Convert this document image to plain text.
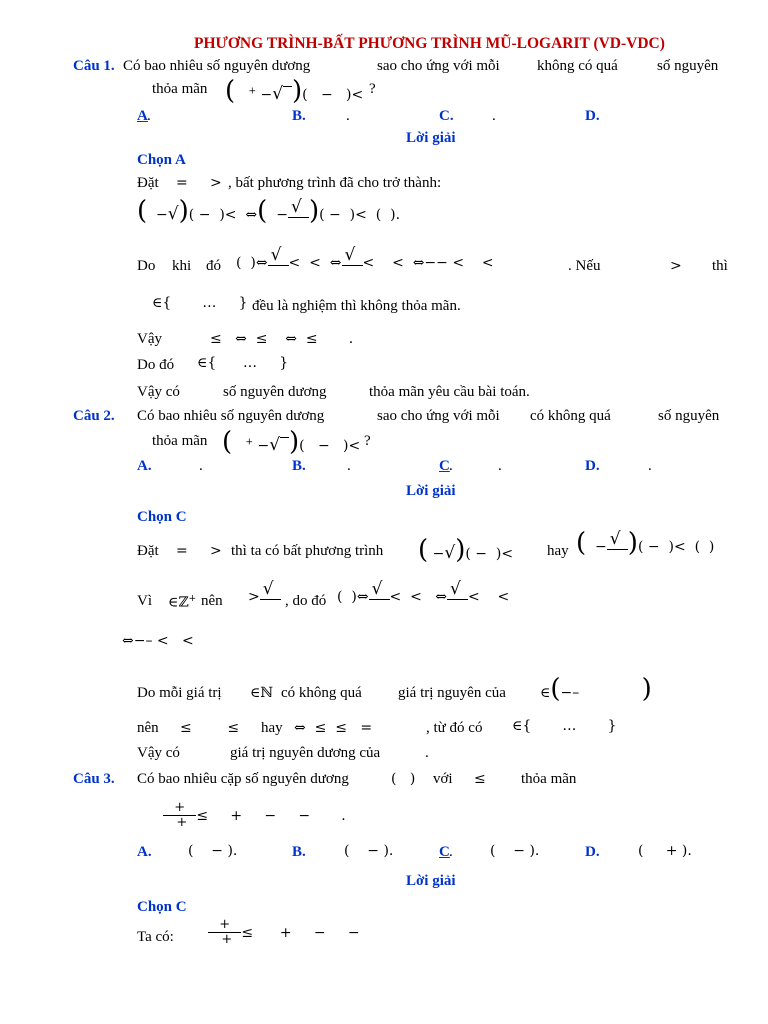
PHƯƠNG TRÌNH-BẤT PHƯƠNG TRÌNH MŨ-LOGARIT (VD-VDC)
Câu 1. Có bao nhiêu số nguyên dương	sao cho ứng với mỗi không có quá	số nguyên
thỏa mãn ( + −√ )(   −   )< ?
A .	B.	.	C.	.	D.
Lời giải
Chọn A
Đặt =     > , bất phương trình đã cho trở thành:
(  −√)( −  )<  ⇔(  − √
)( −  )<  (  ).
Do khi đó (  )⇔ √
<  <  ⇔ √
<    <  ⇔−− <    <	. Nếu	> thì
∈{       …     } đều là nghiệm thì không thỏa mãn.
Vậy	≤   ⇔  ≤    ⇔  ≤       .
Do đó ∈{      …     }
Vậy có	số nguyên dương	thỏa mãn yêu cầu bài toán.
Câu 2. Có bao nhiêu số nguyên dương	sao cho ứng với mỗi có không quá	số nguyên
thỏa mãn ( + −√ )(   −   )< ?
A.	.	B.	.	C .	.	D.	.
Lời giải
Chọn C
Đặt =     > thì ta có bất phương trình ( −√)( −  )< hay (  − √
)( −  )<  (  )
Vì ∈ℤ+ nên > √

, do đó (  )⇔ √
<  <   ⇔ √
<    <
⇔−– <   <
Do mỗi giá trị ∈ℕ có không quá giá trị nguyên của ∈(−–              )
nên ≤        ≤ hay ⇔  ≤  ≤   =	, từ đó có ∈{       …       }
Vậy có	giá trị nguyên dương của	.
Câu 3. Có bao nhiêu cặp số nguyên dương	(   ) với ≤ thỏa mãn
$\frac{+}{+}$ ≤     +     −     −       .
A.	(    − ).	B.	(    − ).	C .	(    − ).	D.	(     + ).
Lời giải
Chọn C
Ta có:	$\frac{+}{+}$ ≤      +     −     −
